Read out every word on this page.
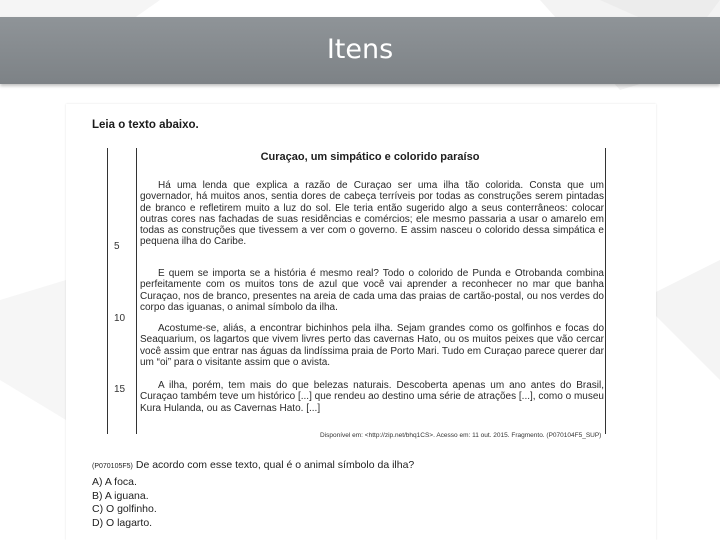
Itens
Leia o texto abaixo.
Curaçao, um simpático e colorido paraíso
Há uma lenda que explica a razão de Curaçao ser uma ilha tão colorida. Consta que um governador, há muitos anos, sentia dores de cabeça terríveis por todas as construções serem pintadas de branco e refletirem muito a luz do sol. Ele teria então sugerido algo a seus conterrâneos: colocar outras cores nas fachadas de suas residências e comércios; ele mesmo passaria a usar o amarelo em todas as construções que tivessem a ver com o governo. E assim nasceu o colorido dessa simpática e pequena ilha do Caribe.
E quem se importa se a história é mesmo real? Todo o colorido de Punda e Otrobanda combina perfeitamente com os muitos tons de azul que você vai aprender a reconhecer no mar que banha Curaçao, nos de branco, presentes na areia de cada uma das praias de cartão-postal, ou nos verdes do corpo das iguanas, o animal símbolo da ilha.
Acostume-se, aliás, a encontrar bichinhos pela ilha. Sejam grandes como os golfinhos e focas do Seaquarium, os lagartos que vivem livres perto das cavernas Hato, ou os muitos peixes que vão cercar você assim que entrar nas águas da lindíssima praia de Porto Mari. Tudo em Curaçao parece querer dar um “oi” para o visitante assim que o avista.
A ilha, porém, tem mais do que belezas naturais. Descoberta apenas um ano antes do Brasil, Curaçao também teve um histórico [...] que rendeu ao destino uma série de atrações [...], como o museu Kura Hulanda, ou as Cavernas Hato. [...]
5
10
15
Disponível em: <http://zip.net/bhq1CS>. Acesso em: 11 out. 2015. Fragmento. (P070104F5_SUP)
(P070105F5) De acordo com esse texto, qual é o animal símbolo da ilha?
A) A foca.
B) A iguana.
C) O golfinho.
D) O lagarto.
